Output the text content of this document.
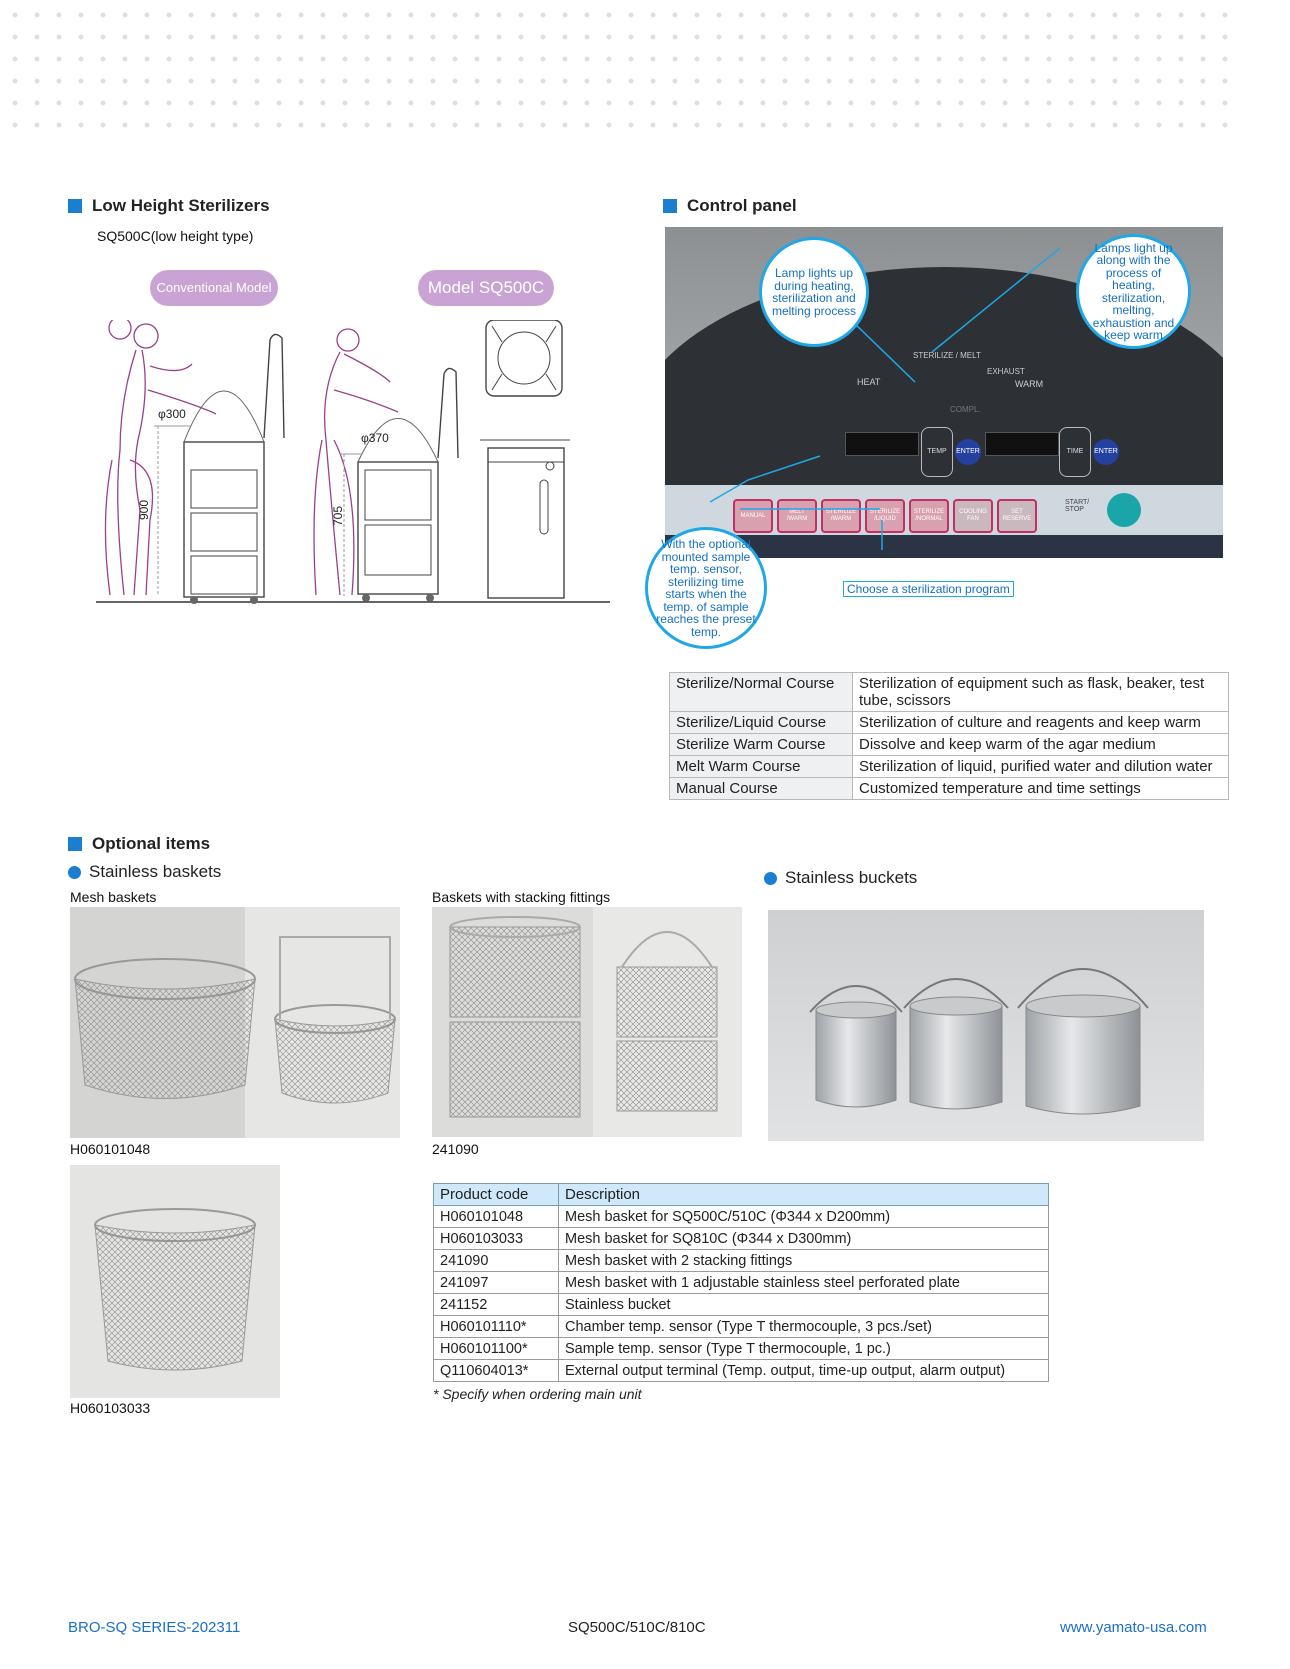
Low Height Sterilizers
SQ500C(low height type)
Conventional Model	Model SQ500C
φ300
900
φ370
705
Control panel
HEAT
STERILIZE / MELT
EXHAUST
WARM
COMPL.
TEMP	ENTER	TIME	ENTER
START/ STOP
MANUAL
MELT /WARM
STERILIZE /WARM
STERILIZE /LIQUID
STERILIZE /NORMAL
COOLING FAN
SET RESERVE
Lamp lights up during heating, sterilization and melting process
Lamps light up along with the process of heating, sterilization, melting, exhaustion and keep warm
With the optional mounted sample temp. sensor, sterilizing time starts when the temp. of sample reaches the preset temp.
Choose a sterilization program
Sterilize/Normal Course	Sterilization of equipment such as flask, beaker, test tube, scissors
Sterilize/Liquid Course	Sterilization of culture and reagents and keep warm
Sterilize Warm Course	Dissolve and keep warm of the agar medium
Melt Warm Course	Sterilization of liquid, purified water and dilution water
Manual Course	Customized temperature and time settings
Optional items
Stainless baskets	Stainless buckets
Mesh baskets	Baskets with stacking fittings
H060101048	241090
H060103033
Product code	Description
H060101048	Mesh basket for SQ500C/510C (Φ344 x D200mm)
H060103033	Mesh basket for SQ810C (Φ344 x D300mm)
241090	Mesh basket with 2 stacking fittings
241097	Mesh basket with 1 adjustable stainless steel perforated plate
241152	Stainless bucket
H060101110*	Chamber temp. sensor (Type T thermocouple, 3 pcs./set)
H060101100*	Sample temp. sensor (Type T thermocouple, 1 pc.)
Q110604013*	External output terminal (Temp. output, time-up output, alarm output)
* Specify when ordering main unit
BRO-SQ SERIES-202311	SQ500C/510C/810C	www.yamato-usa.com
